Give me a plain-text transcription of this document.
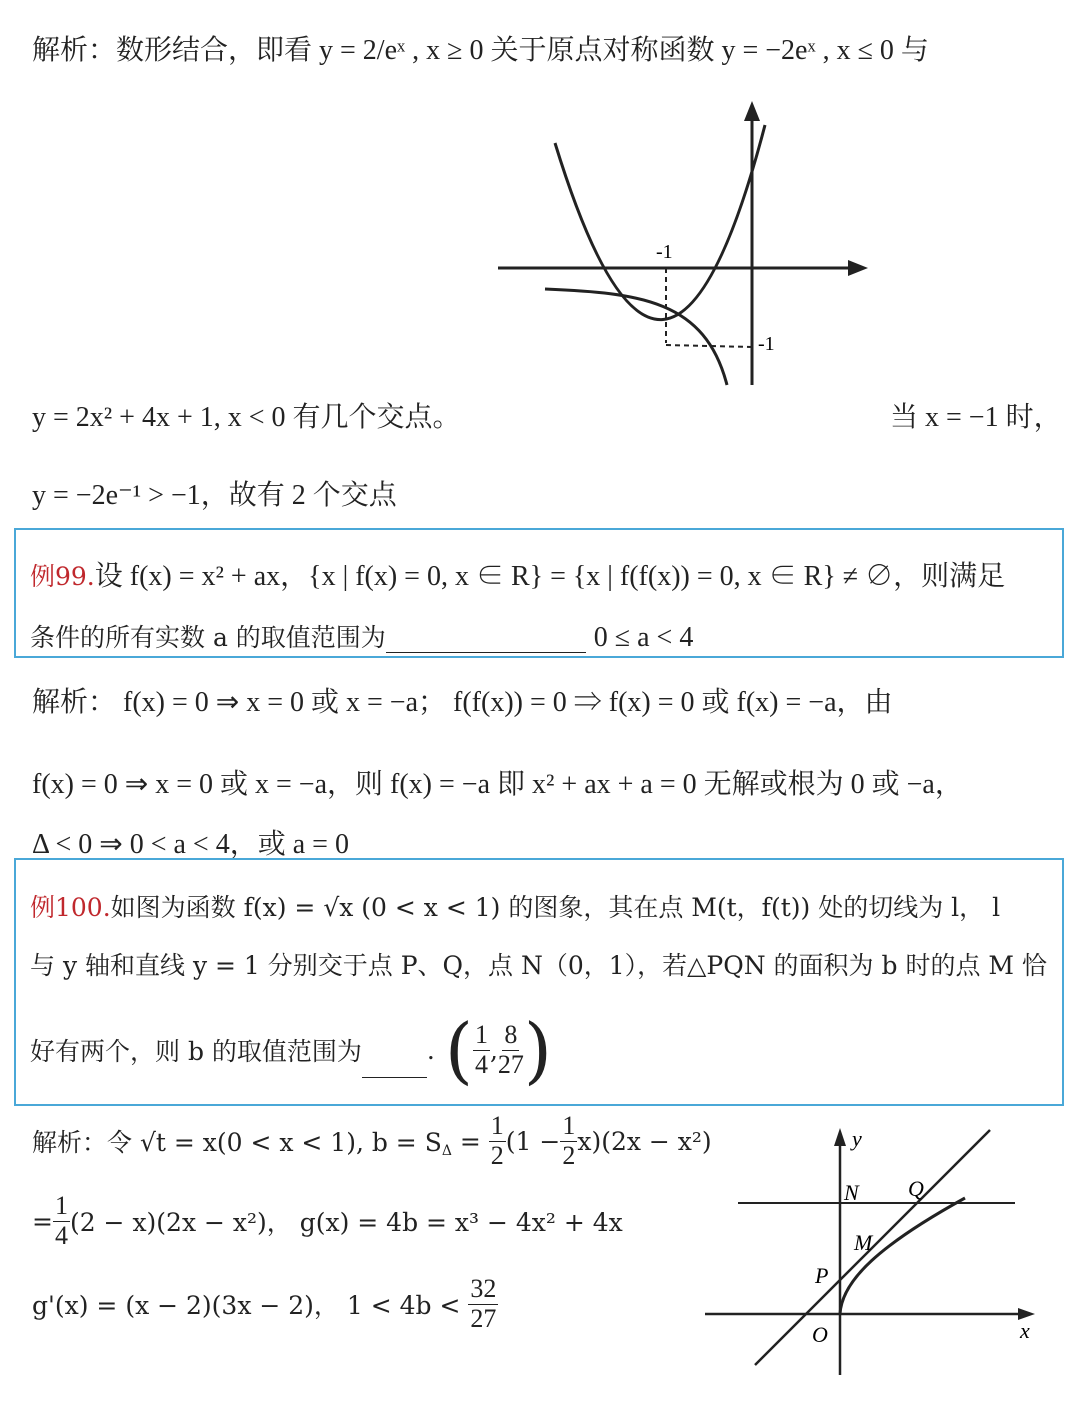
解析：数形结合，即看 y = 2/eˣ , x ≥ 0 关于原点对称函数 y = −2eˣ , x ≤ 0 与
-1
-1
y = 2x² + 4x + 1, x < 0 有几个交点。	当 x = −1 时，
y = −2e⁻¹ > −1，故有 2 个交点
例99.设 f(x) = x² + ax，{x | f(x) = 0, x ∈ R} = {x | f(f(x)) = 0, x ∈ R} ≠ ∅，则满足
条件的所有实数 a 的取值范围为	0 ≤ a < 4
解析： f(x) = 0 ⇒ x = 0 或 x = −a； f(f(x)) = 0 ⇒ f(x) = 0 或 f(x) = −a，由
f(x) = 0 ⇒ x = 0 或 x = −a，则 f(x) = −a 即 x² + ax + a = 0 无解或根为 0 或 −a，
Δ < 0 ⇒ 0 < a < 4，或 a = 0
例100.如图为函数 f(x) = √x (0 < x < 1) 的图象，其在点 M(t，f(t)) 处的切线为 l， l
与 y 轴和直线 y = 1 分别交于点 P、Q，点 N（0，1），若△PQN 的面积为 b 时的点 M 恰
好有两个，则 b 的取值范围为
	. ( $\frac{1}{4}$ , $\frac{8}{27}$ )
解析：令 √t = x(0 < x < 1), b = S $\Delta = \frac{1}{2} (1 - \frac{1}{2} x)(2x - x^2)$
= $\frac{1}{4} (2 - x)(2x - x^2)$， g(x) = 4b = x³ − 4x² + 4x
g'(x) = (x − 2)(3x − 2)， 1 < 4b <
$\frac{32}{27}$
y
x
N Q
M
P
O
